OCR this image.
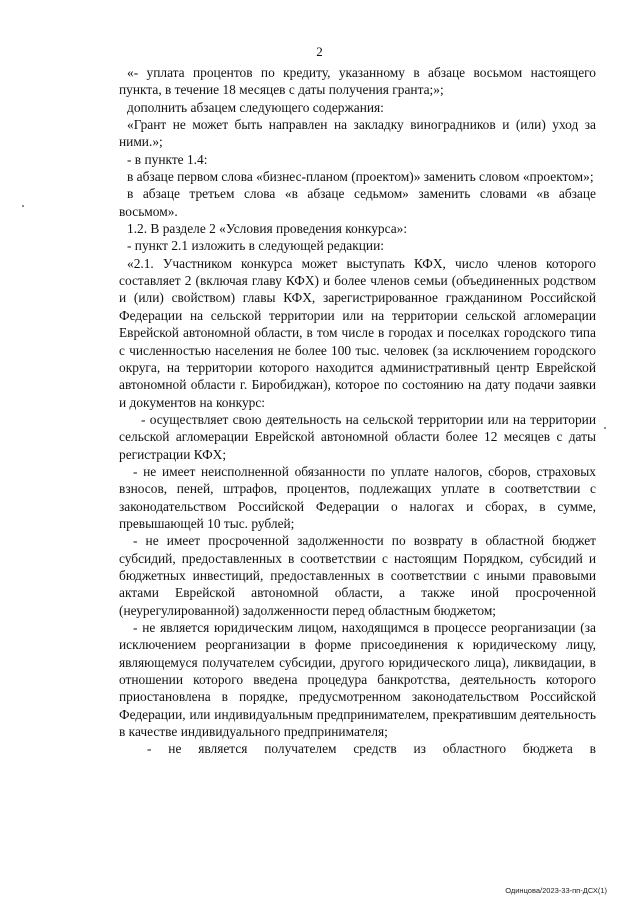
2

«- уплата процентов по кредиту, указанному в абзаце восьмом настоящего пункта, в течение 18 месяцев с даты получения гранта;»;

дополнить абзацем следующего содержания:

«Грант не может быть направлен на закладку виноградников и (или) уход за ними.»;

- в пункте 1.4:

в абзаце первом слова «бизнес-планом (проектом)» заменить словом «проектом»;

в абзаце третьем слова «в абзаце седьмом» заменить словами «в абзаце восьмом».

1.2. В разделе 2 «Условия проведения конкурса»:

- пункт 2.1 изложить в следующей редакции:

«2.1. Участником конкурса может выступать КФХ, число членов которого составляет 2 (включая главу КФХ) и более членов семьи (объединенных родством и (или) свойством) главы КФХ, зарегистрированное гражданином Российской Федерации на сельской территории или на территории сельской агломерации Еврейской автономной области, в том числе в городах и поселках городского типа с численностью населения не более 100 тыс. человек (за исключением городского округа, на территории которого находится административный центр Еврейской автономной области г. Биробиджан), которое по состоянию на дату подачи заявки и документов на конкурс:

- осуществляет свою деятельность на сельской территории или на территории сельской агломерации Еврейской автономной области более 12 месяцев с даты регистрации КФХ;

- не имеет неисполненной обязанности по уплате налогов, сборов, страховых взносов, пеней, штрафов, процентов, подлежащих уплате в соответствии с законодательством Российской Федерации о налогах и сборах, в сумме, превышающей 10 тыс. рублей;

- не имеет просроченной задолженности по возврату в областной бюджет субсидий, предоставленных в соответствии с настоящим Порядком, субсидий и бюджетных инвестиций, предоставленных в соответствии с иными правовыми актами Еврейской автономной области, а также иной просроченной (неурегулированной) задолженности перед областным бюджетом;

- не является юридическим лицом, находящимся в процессе реорганизации (за исключением реорганизации в форме присоединения к юридическому лицу, являющемуся получателем субсидии, другого юридического лица), ликвидации, в отношении которого введена процедура банкротства, деятельность которого приостановлена в порядке, предусмотренном законодательством Российской Федерации, или индивидуальным предпринимателем, прекратившим деятельность в качестве индивидуального предпринимателя;

- не является получателем средств из областного бюджета в

Одинцова/2023-33-пп-ДСХ(1)
